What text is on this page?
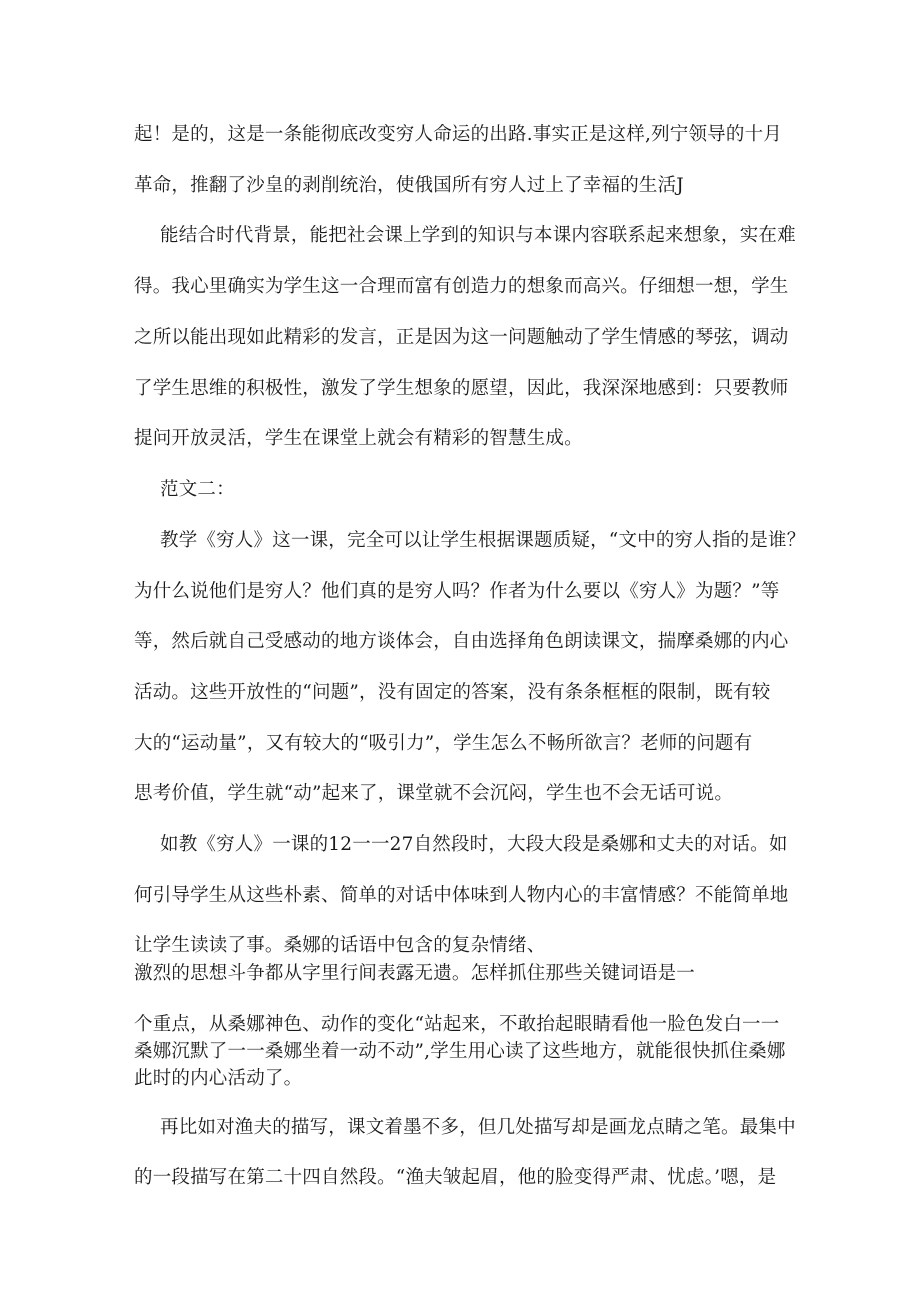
起！是的，这是一条能彻底改变穷人命运的出路.事实正是这样,列宁领导的十月
革命，推翻了沙皇的剥削统治，使俄国所有穷人过上了幸福的生活J
能结合时代背景，能把社会课上学到的知识与本课内容联系起来想象，实在难
得。我心里确实为学生这一合理而富有创造力的想象而高兴。仔细想一想，学生
之所以能出现如此精彩的发言，正是因为这一问题触动了学生情感的琴弦，调动
了学生思维的积极性，激发了学生想象的愿望，因此，我深深地感到：只要教师
提问开放灵活，学生在课堂上就会有精彩的智慧生成。
范文二：
教学《穷人》这一课，完全可以让学生根据课题质疑，“文中的穷人指的是谁？
为什么说他们是穷人？他们真的是穷人吗？作者为什么要以《穷人》为题？”等
等，然后就自己受感动的地方谈体会，自由选择角色朗读课文，揣摩桑娜的内心
活动。这些开放性的“问题”，没有固定的答案，没有条条框框的限制，既有较
大的“运动量”，又有较大的“吸引力”，学生怎么不畅所欲言？老师的问题有
思考价值，学生就“动”起来了，课堂就不会沉闷，学生也不会无话可说。
如教《穷人》一课的12一一27自然段时，大段大段是桑娜和丈夫的对话。如
何引导学生从这些朴素、简单的对话中体味到人物内心的丰富情感？不能简单地
让学生读读了事。桑娜的话语中包含的复杂情绪、
激烈的思想斗争都从字里行间表露无遗。怎样抓住那些关键词语是一
个重点，从桑娜神色、动作的变化“站起来，不敢抬起眼睛看他一脸色发白一一
桑娜沉默了一一桑娜坐着一动不动”,学生用心读了这些地方，就能很快抓住桑娜
此时的内心活动了。
再比如对渔夫的描写，课文着墨不多，但几处描写却是画龙点睛之笔。最集中
的一段描写在第二十四自然段。“渔夫皱起眉，他的脸变得严肃、忧虑。’嗯，是
